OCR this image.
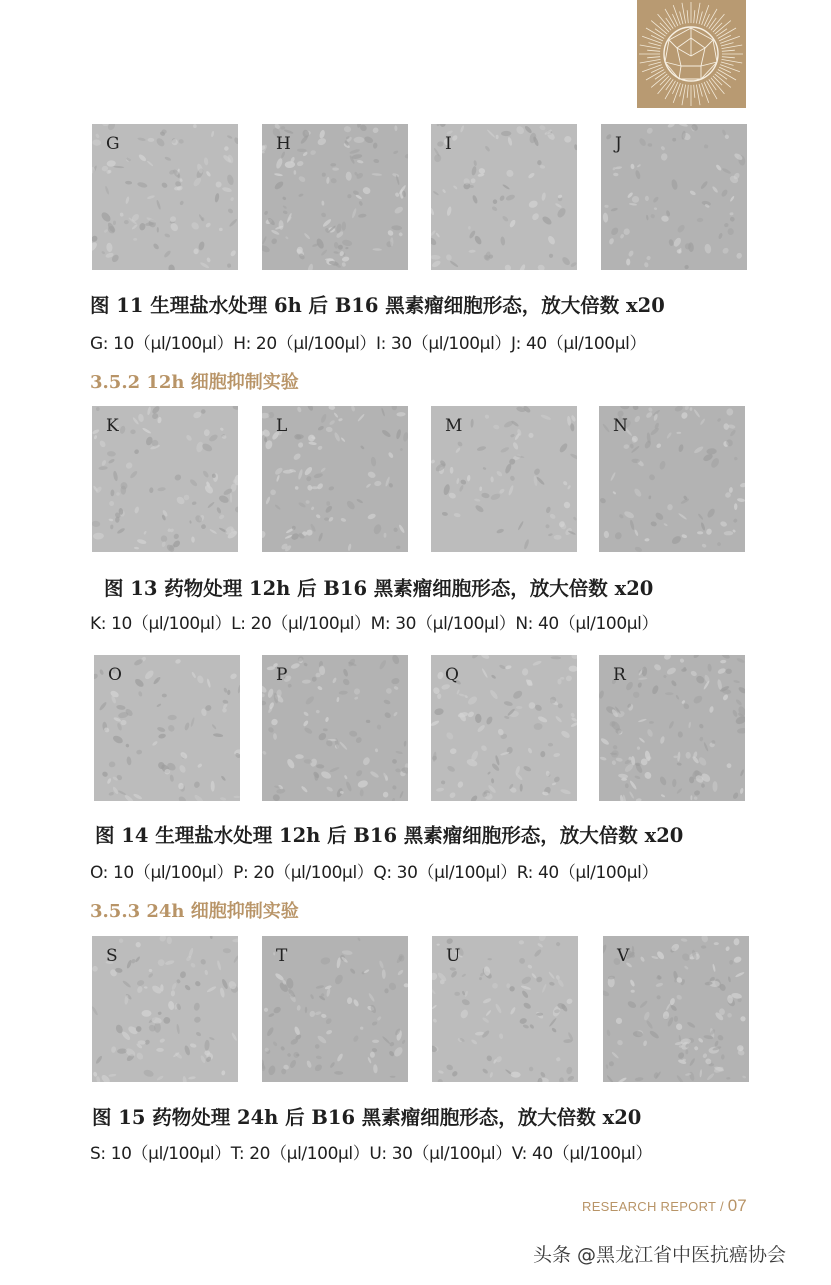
G	H	I	J
图 11 生理盐水处理 6h 后 B16 黑素瘤细胞形态，放大倍数 x20
G: 10（μl/100μl）H: 20（μl/100μl）I: 30（μl/100μl）J: 40（μl/100μl）
3.5.2 12h 细胞抑制实验
K	L	M	N
图 13 药物处理 12h 后 B16 黑素瘤细胞形态，放大倍数 x20
K: 10（μl/100μl）L: 20（μl/100μl）M: 30（μl/100μl）N: 40（μl/100μl）
O	P	Q	R
图 14 生理盐水处理 12h 后 B16 黑素瘤细胞形态，放大倍数 x20
O: 10（μl/100μl）P: 20（μl/100μl）Q: 30（μl/100μl）R: 40（μl/100μl）
3.5.3 24h 细胞抑制实验
S	T	U	V
图 15 药物处理 24h 后 B16 黑素瘤细胞形态，放大倍数 x20
S: 10（μl/100μl）T: 20（μl/100μl）U: 30（μl/100μl）V: 40（μl/100μl）
RESEARCH REPORT / 07
头条 @黑龙江省中医抗癌协会
